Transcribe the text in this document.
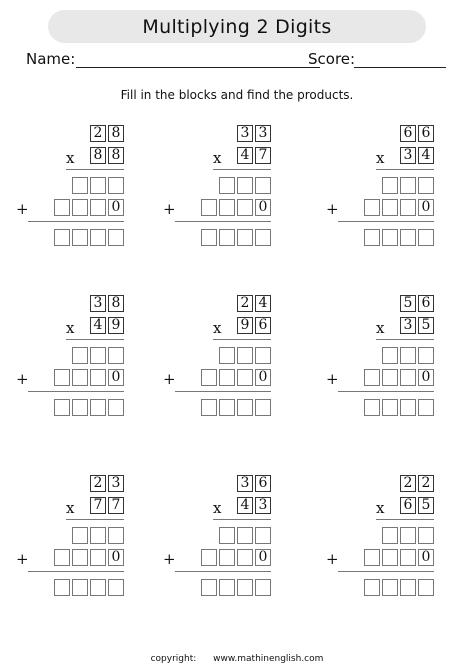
Multiplying 2 Digits
Name:	Score:
Fill in the blocks and find the products.
2 8
x 8 8
+	0
3 3
x 4 7
+	0
6 6
x 3 4
+	0
3 8
x 4 9
+	0
2 4
x 9 6
+	0
5 6
x 3 5
+	0
2 3
x 7 7
+	0
3 6
x 4 3
+	0
2 2
x 6 5
+	0
copyright: www.mathinenglish.com
